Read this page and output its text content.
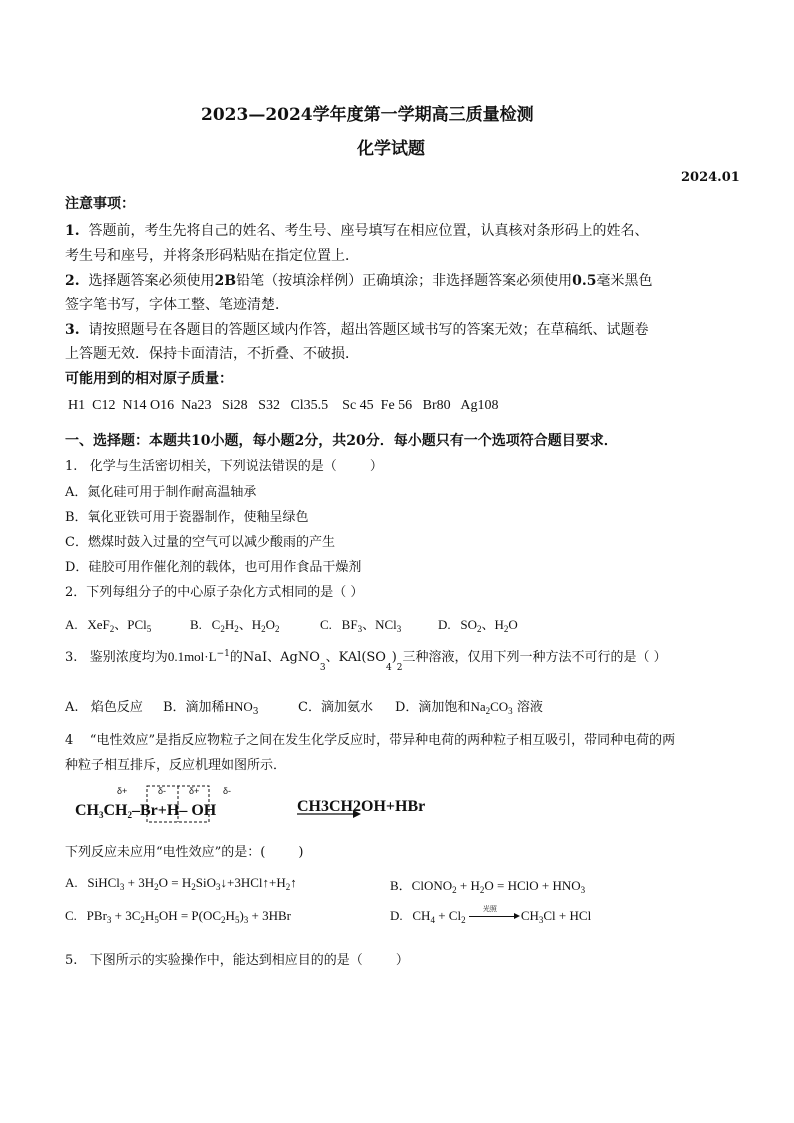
2023—2024学年度第一学期高三质量检测
化学试题
2024.01
注意事项：
1. 答题前，考生先将自己的姓名、考生号、座号填写在相应位置，认真核对条形码上的姓名、
考生号和座号，并将条形码粘贴在指定位置上．
2. 选择题答案必须使用2B铅笔（按填涂样例）正确填涂；非选择题答案必须使用0.5毫米黑色
签字笔书写，字体工整、笔迹清楚．
3. 请按照题号在各题目的答题区域内作答，超出答题区域书写的答案无效；在草稿纸、试题卷
上答题无效．保持卡面清洁，不折叠、不破损．
可能用到的相对原子质量：
H1  C12  N14 O16  Na23   Si28   S32   Cl35.5    Sc 45  Fe 56   Br80   Ag108
一、选择题：本题共10小题，每小题2分，共20分．每小题只有一个选项符合题目要求．
1.   化学与生活密切相关，下列说法错误的是（        ）
A．氮化硅可用于制作耐高温轴承
B．氧化亚铁可用于瓷器制作，使釉呈绿色
C．燃煤时鼓入过量的空气可以减少酸雨的产生
D．硅胶可用作催化剂的载体，也可用作食品干燥剂
2．下列每组分子的中心原子杂化方式相同的是（ ）
A.   XeF$_2$、PCl$_5$	B.   $C_2H_2$、$H_2O_2$	C.   $BF_3$、NCl$_3$	D.   $SO_2$、$H_2O$
3.   鉴别浓度均为$0.1mol\cdot L^{-1}$的NaI、AgNO$_3$、$KAl(SO_4)_2$三种溶液，仅用下列一种方法不可行的是（ ）
A.   焰色反应 B．滴加稀$HNO_3$	C．滴加氨水 D．滴加饱和$Na_2CO_3$ 溶液
4    “电性效应”是指反应物粒子之间在发生化学反应时，带异种电荷的两种粒子相互吸引，带同种电荷的两
种粒子相互排斥，反应机理如图所示．
δ+	δ-	δ+	δ-
$CH_3CH_2-Br+H-$ OH	CH3CH2OH+HBr
下列反应未应用“电性效应”的是：(        )
A.   SiHCl$_3$ + $3H_2O$ = $H_2SiO_3↓+3HCl↑+H_2↑$	B．ClONO$_2$ + $H_2O$ = HClO + $HNO_3$
C.   $PBr_3 + 3C_2H_5OH = P(OC_2H_5)_3 + 3HBr$	D.   $CH_4 + Cl_2$
光照 $CH_3Cl$ + HCl
5.   下图所示的实验操作中，能达到相应目的的是（        ）
